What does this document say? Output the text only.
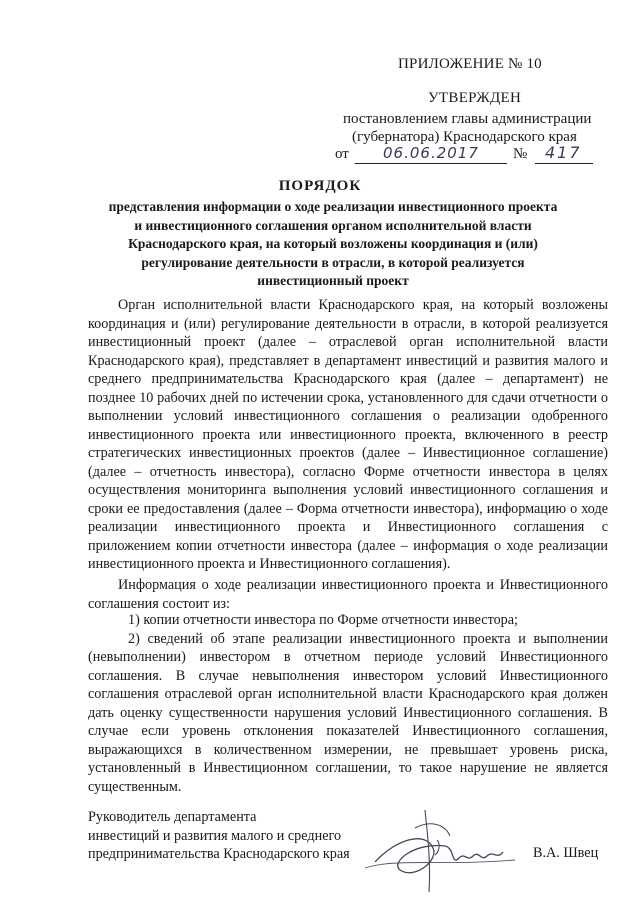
ПРИЛОЖЕНИЕ № 10
УТВЕРЖДЕН
постановлением главы администрации
(губернатора) Краснодарского края
от 06.06.2017 № 417
ПОРЯДОК
представления информации о ходе реализации инвестиционного проекта и инвестиционного соглашения органом исполнительной власти Краснодарского края, на который возложены координация и (или) регулирование деятельности в отрасли, в которой реализуется инвестиционный проект

Орган исполнительной власти Краснодарского края, на который возложены координация и (или) регулирование деятельности в отрасли, в которой реализуется инвестиционный проект (далее – отраслевой орган исполнительной власти Краснодарского края), представляет в департамент инвестиций и развития малого и среднего предпринимательства Краснодарского края (далее – департамент) не позднее 10 рабочих дней по истечении срока, установленного для сдачи отчетности о выполнении условий инвестиционного соглашения о реализации одобренного инвестиционного проекта или инвестиционного проекта, включенного в реестр стратегических инвестиционных проектов (далее – Инвестиционное соглашение) (далее – отчетность инвестора), согласно Форме отчетности инвестора в целях осуществления мониторинга выполнения условий инвестиционного соглашения и сроки ее предоставления (далее – Форма отчетности инвестора), информацию о ходе реализации инвестиционного проекта и Инвестиционного соглашения с приложением копии отчетности инвестора (далее – информация о ходе реализации инвестиционного проекта и Инвестиционного соглашения).

Информация о ходе реализации инвестиционного проекта и Инвестиционного соглашения состоит из:

1) копии отчетности инвестора по Форме отчетности инвестора;

2) сведений об этапе реализации инвестиционного проекта и выполнении (невыполнении) инвестором в отчетном периоде условий Инвестиционного соглашения. В случае невыполнения инвестором условий Инвестиционного соглашения отраслевой орган исполнительной власти Краснодарского края должен дать оценку существенности нарушения условий Инвестиционного соглашения. В случае если уровень отклонения показателей Инвестиционного соглашения, выражающихся в количественном измерении, не превышает уровень риска, установленный в Инвестиционном соглашении, то такое нарушение не является существенным.

Руководитель департамента
инвестиций и развития малого и среднего
предпринимательства Краснодарского края	В.А. Швец
